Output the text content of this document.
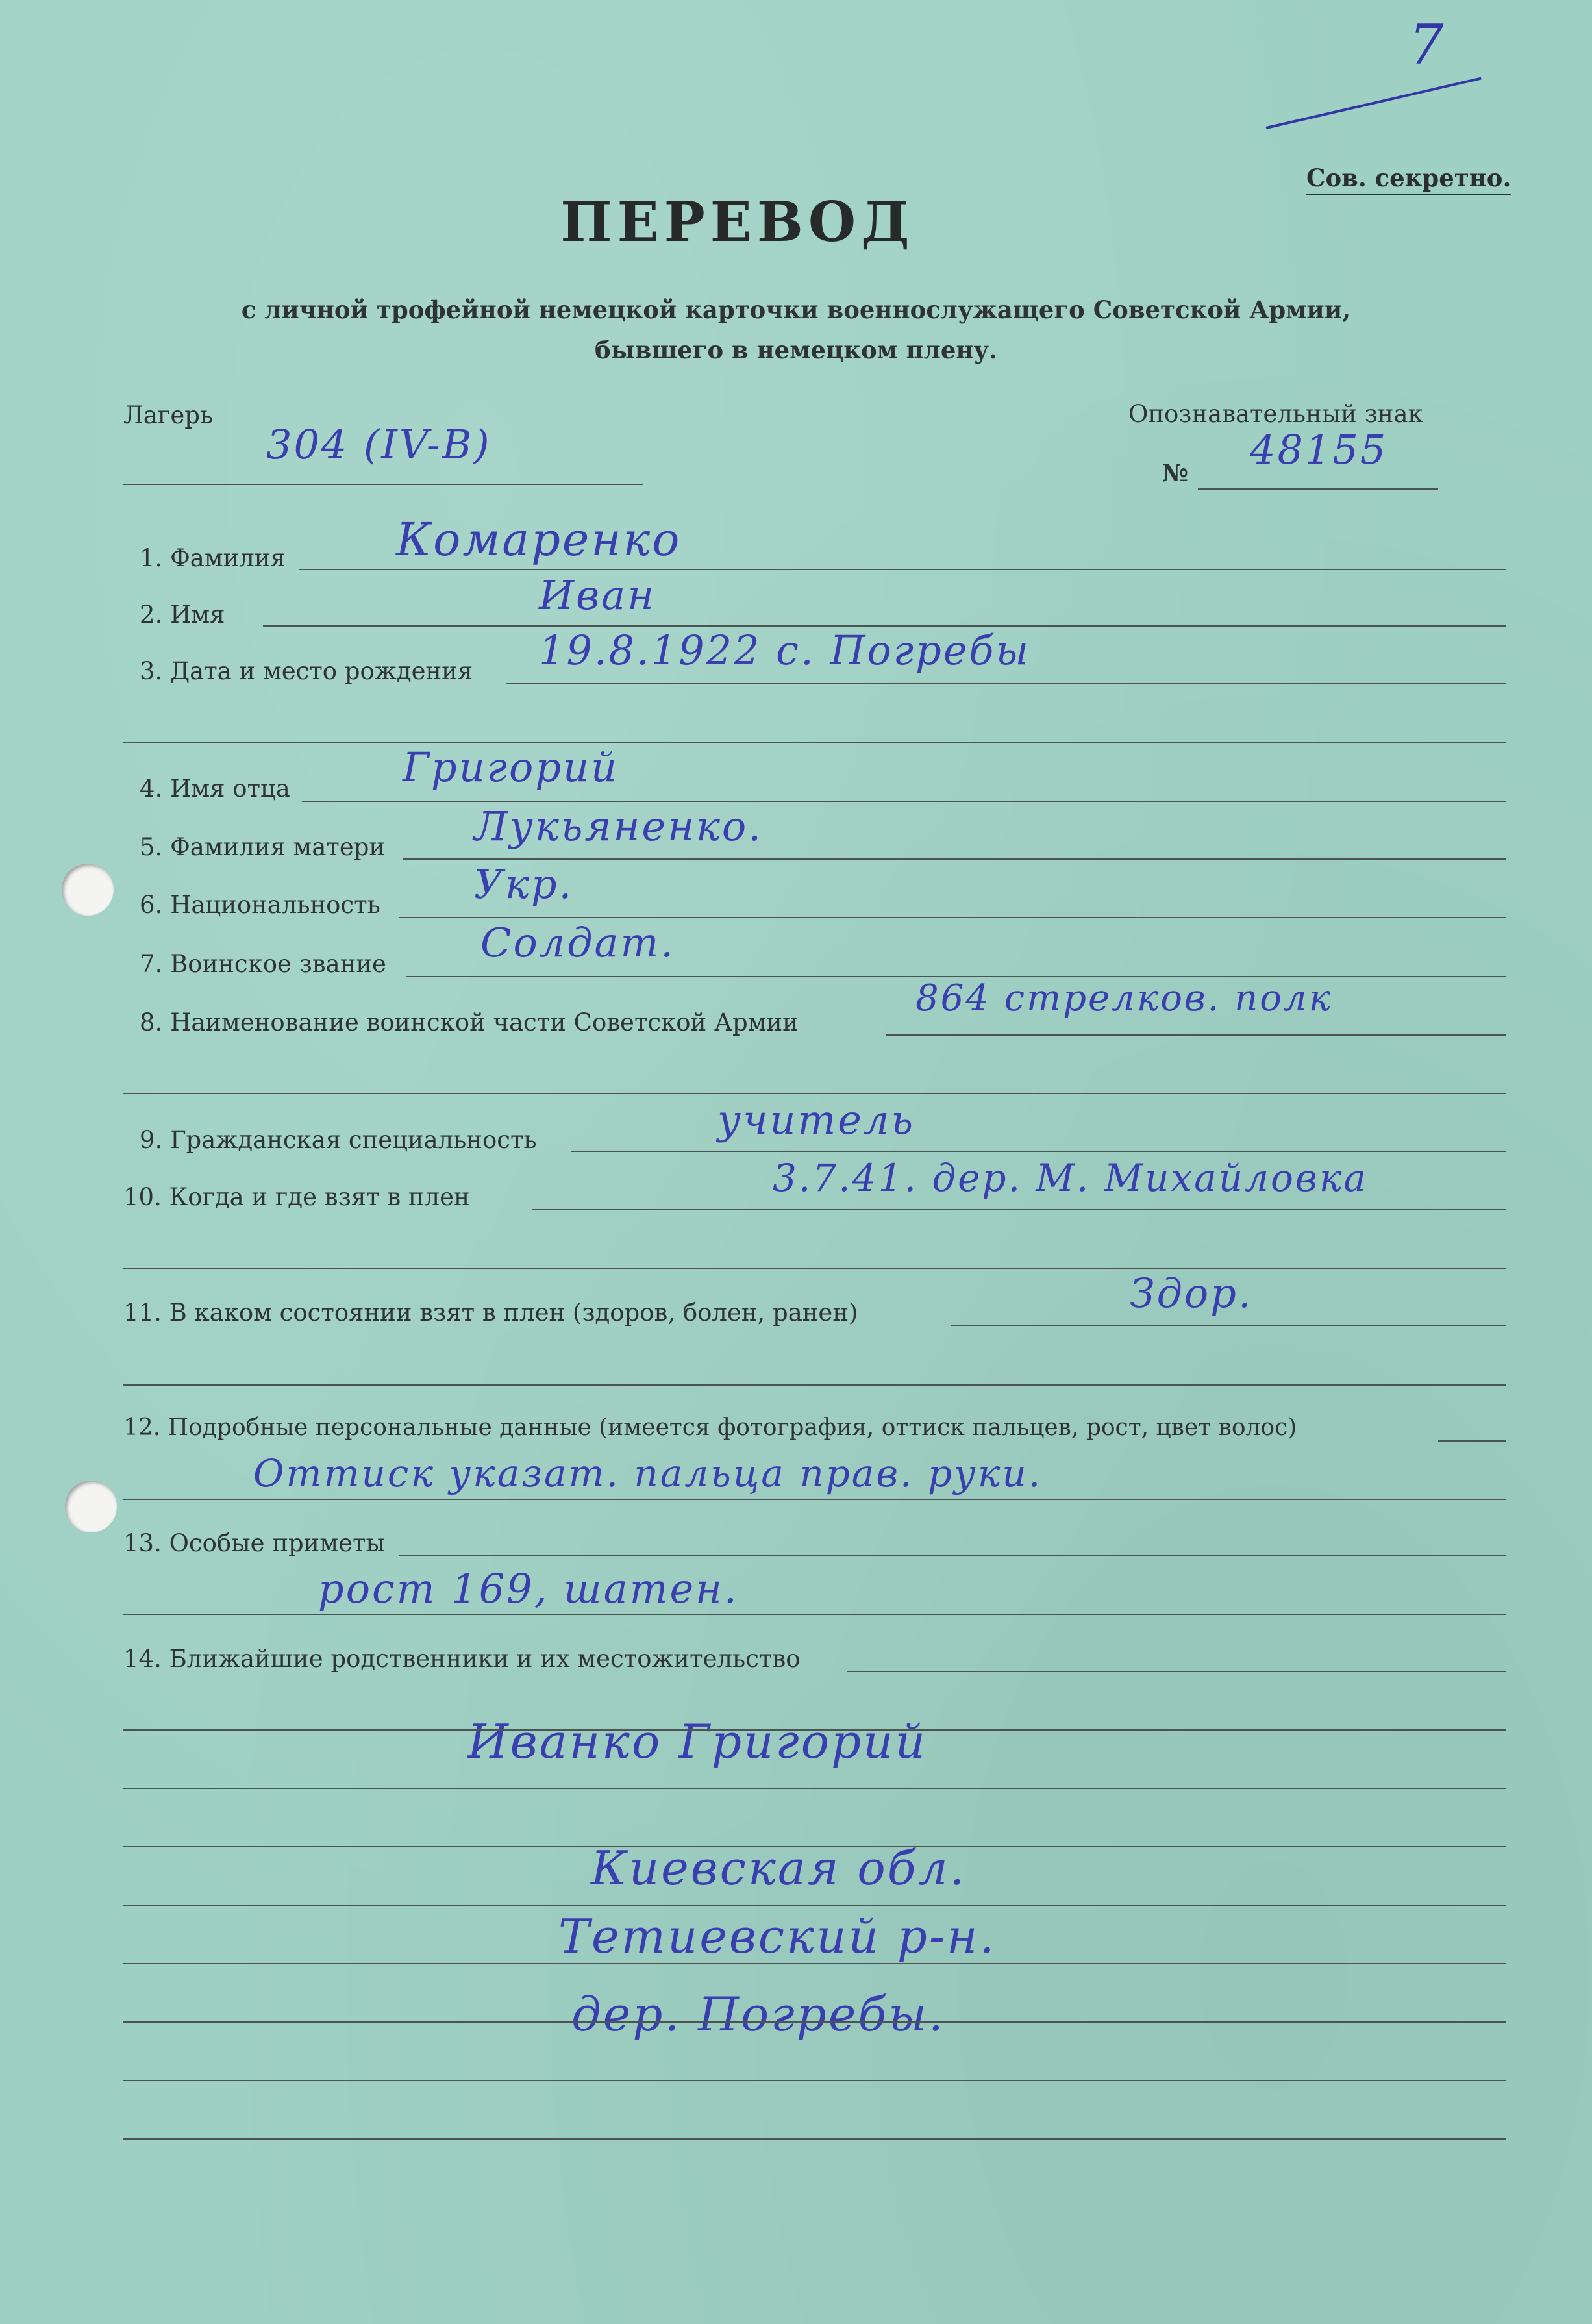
7
Сов. секретно.
ПЕРЕВОД
с личной трофейной немецкой карточки военнослужащего Советской Армии,
бывшего в немецком плену.
Лагерь
304 (IV-B)
Опознавательный знак
№ 48155
1. Фамилия Комаренко
2. Имя	Иван
3. Дата и место рождения 19.8.1922 с. Погребы
4. Имя отца	Григорий
5. Фамилия матери Лукьяненко.
6. Национальность Укр.
7. Воинское звание Солдат.
8. Наименование воинской части Советской Армии
864 стрелков. полк
9. Гражданская специальность	учитель
10. Когда и где взят в плен	3.7.41. дер. М. Михайловка
11. В каком состоянии взят в плен (здоров, болен, ранен)	Здор.
12. Подробные персональные данные (имеется фотография, оттиск пальцев, рост, цвет волос)
Оттиск указат. пальца прав. руки.
13. Особые приметы
рост 169, шатен.
14. Ближайшие родственники и их местожительство
Иванко Григорий
Киевская обл.
Тетиевский р-н.
дер. Погребы.
